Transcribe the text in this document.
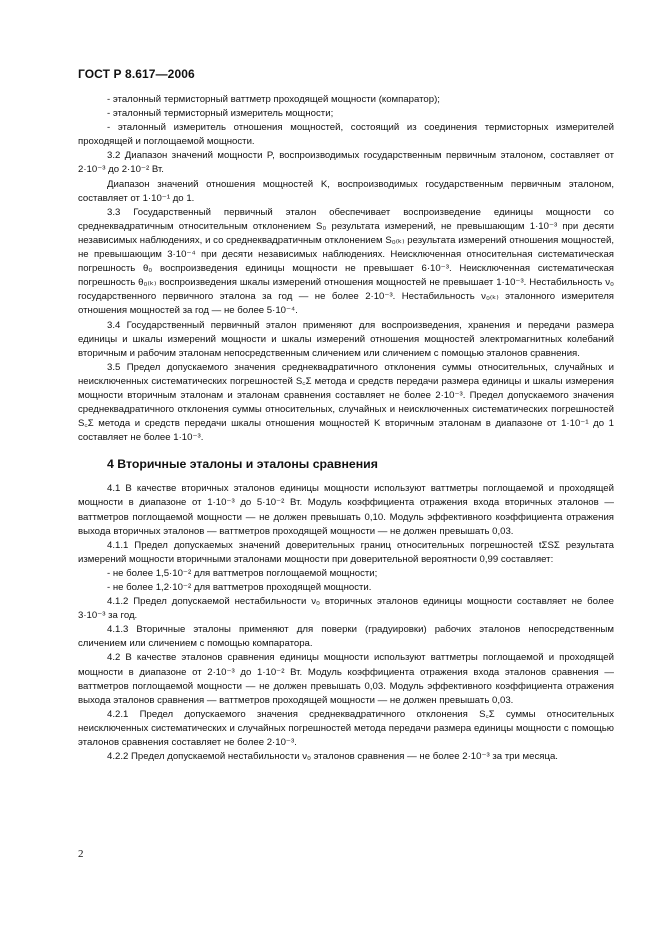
ГОСТ Р 8.617—2006

- эталонный термисторный ваттметр проходящей мощности (компаратор);

- эталонный термисторный измеритель мощности;

- эталонный измеритель отношения мощностей, состоящий из соединения термисторных измерителей проходящей и поглощаемой мощности.

3.2 Диапазон значений мощности P, воспроизводимых государственным первичным эталоном, составляет от 2·10⁻³ до 2·10⁻² Вт.

Диапазон значений отношения мощностей K, воспроизводимых государственным первичным эталоном, составляет от 1·10⁻¹ до 1.

3.3 Государственный первичный эталон обеспечивает воспроизведение единицы мощности со среднеквадратичным относительным отклонением S₀ результата измерений, не превышающим 1·10⁻³ при десяти независимых наблюдениях, и со среднеквадратичным отклонением S₀₍ₖ₎ результата измерений отношения мощностей, не превышающим 3·10⁻⁴ при десяти независимых наблюдениях. Неисключенная относительная систематическая погрешность θ₀ воспроизведения единицы мощности не превышает 6·10⁻³. Неисключенная систематическая погрешность θ₀₍ₖ₎ воспроизведения шкалы измерений отношения мощностей не превышает 1·10⁻³. Нестабильность ν₀ государственного первичного эталона за год — не более 2·10⁻³. Нестабильность ν₀₍ₖ₎ эталонного измерителя отношения мощностей за год — не более 5·10⁻⁴.

3.4 Государственный первичный эталон применяют для воспроизведения, хранения и передачи размера единицы и шкалы измерений мощности и шкалы измерений отношения мощностей электромагнитных колебаний вторичным и рабочим эталонам непосредственным сличением или сличением с помощью эталонов сравнения.

3.5 Предел допускаемого значения среднеквадратичного отклонения суммы относительных, случайных и неисключенных систематических погрешностей S꜀Σ метода и средств передачи размера единицы и шкалы измерения мощности вторичным эталонам и эталонам сравнения составляет не более 2·10⁻³. Предел допускаемого значения среднеквадратичного отклонения суммы относительных, случайных и неисключенных систематических погрешностей S꜀Σ метода и средств передачи шкалы отношения мощностей K вторичным эталонам в диапазоне от 1·10⁻¹ до 1 составляет не более 1·10⁻³.

4 Вторичные эталоны и эталоны сравнения

4.1 В качестве вторичных эталонов единицы мощности используют ваттметры поглощаемой и проходящей мощности в диапазоне от 1·10⁻³ до 5·10⁻² Вт. Модуль коэффициента отражения входа вторичных эталонов — ваттметров поглощаемой мощности — не должен превышать 0,10. Модуль эффективного коэффициента отражения выхода вторичных эталонов — ваттметров проходящей мощности — не должен превышать 0,03.

4.1.1 Предел допускаемых значений доверительных границ относительных погрешностей tΣSΣ результата измерений мощности вторичными эталонами мощности при доверительной вероятности 0,99 составляет:

- не более 1,5·10⁻² для ваттметров поглощаемой мощности;

- не более 1,2·10⁻² для ваттметров проходящей мощности.

4.1.2 Предел допускаемой нестабильности ν₀ вторичных эталонов единицы мощности составляет не более 3·10⁻³ за год.

4.1.3 Вторичные эталоны применяют для поверки (градуировки) рабочих эталонов непосредственным сличением или сличением с помощью компаратора.

4.2 В качестве эталонов сравнения единицы мощности используют ваттметры поглощаемой и проходящей мощности в диапазоне от 2·10⁻³ до 1·10⁻² Вт. Модуль коэффициента отражения входа эталонов сравнения — ваттметров поглощаемой мощности — не должен превышать 0,03. Модуль эффективного коэффициента отражения выхода эталонов сравнения — ваттметров проходящей мощности — не должен превышать 0,03.

4.2.1 Предел допускаемого значения среднеквадратичного отклонения S꜀Σ суммы относительных неисключенных систематических и случайных погрешностей метода передачи размера единицы мощности с помощью эталонов сравнения составляет не более 2·10⁻³.

4.2.2 Предел допускаемой нестабильности ν₀ эталонов сравнения — не более 2·10⁻³ за три месяца.

2
